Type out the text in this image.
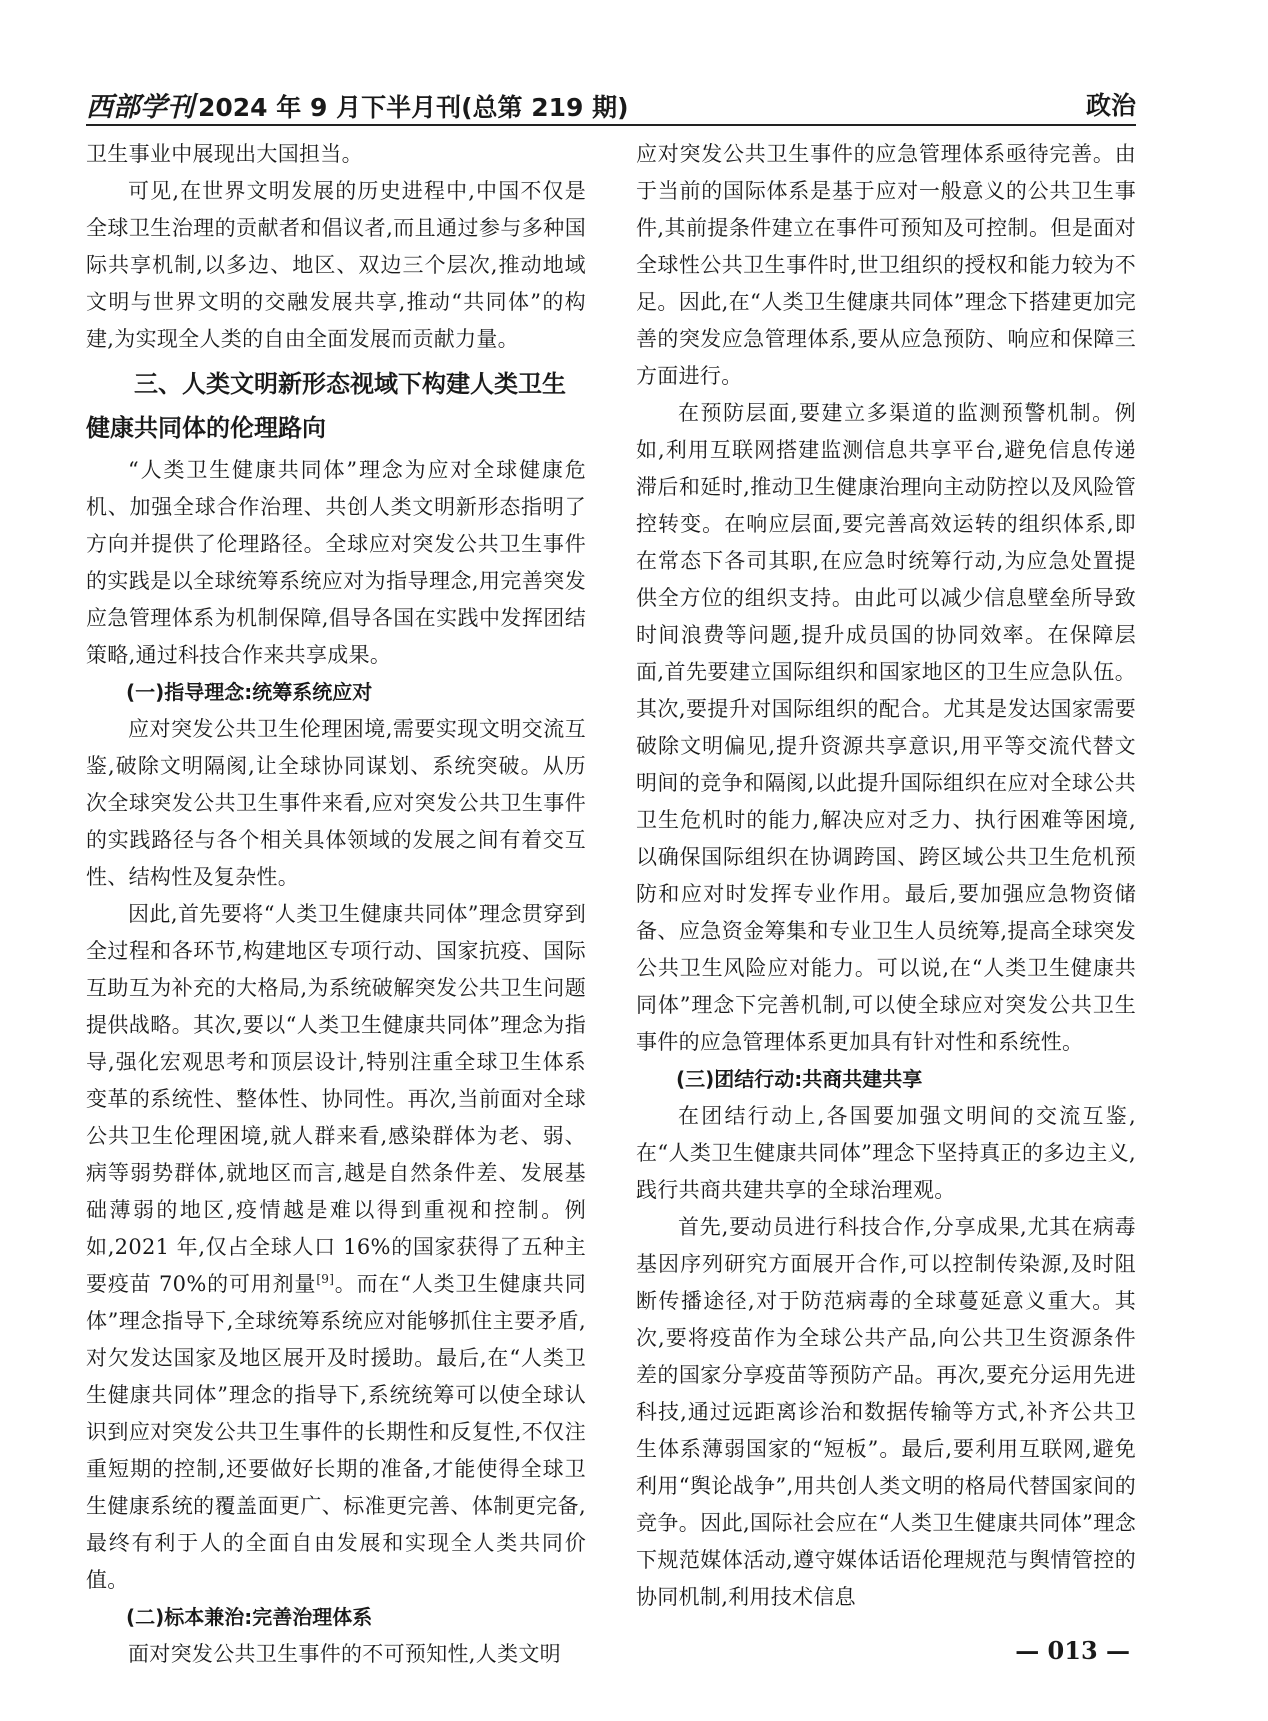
西部学刊 2024 年 9 月下半月刊(总第 219 期)	政治

卫生事业中展现出大国担当。

可见,在世界文明发展的历史进程中,中国不仅是全球卫生治理的贡献者和倡议者,而且通过参与多种国际共享机制,以多边、地区、双边三个层次,推动地域文明与世界文明的交融发展共享,推动“共同体”的构建,为实现全人类的自由全面发展而贡献力量。

三、人类文明新形态视域下构建人类卫生健康共同体的伦理路向

“人类卫生健康共同体”理念为应对全球健康危机、加强全球合作治理、共创人类文明新形态指明了方向并提供了伦理路径。全球应对突发公共卫生事件的实践是以全球统筹系统应对为指导理念,用完善突发应急管理体系为机制保障,倡导各国在实践中发挥团结策略,通过科技合作来共享成果。

(一)指导理念:统筹系统应对

应对突发公共卫生伦理困境,需要实现文明交流互鉴,破除文明隔阂,让全球协同谋划、系统突破。从历次全球突发公共卫生事件来看,应对突发公共卫生事件的实践路径与各个相关具体领域的发展之间有着交互性、结构性及复杂性。

因此,首先要将“人类卫生健康共同体”理念贯穿到全过程和各环节,构建地区专项行动、国家抗疫、国际互助互为补充的大格局,为系统破解突发公共卫生问题提供战略。其次,要以“人类卫生健康共同体”理念为指导,强化宏观思考和顶层设计,特别注重全球卫生体系变革的系统性、整体性、协同性。再次,当前面对全球公共卫生伦理困境,就人群来看,感染群体为老、弱、病等弱势群体,就地区而言,越是自然条件差、发展基础薄弱的地区,疫情越是难以得到重视和控制。例如,2021 年,仅占全球人口 16%的国家获得了五种主要疫苗 70%的可用剂量[9]。而在“人类卫生健康共同体”理念指导下,全球统筹系统应对能够抓住主要矛盾,对欠发达国家及地区展开及时援助。最后,在“人类卫生健康共同体”理念的指导下,系统统筹可以使全球认识到应对突发公共卫生事件的长期性和反复性,不仅注重短期的控制,还要做好长期的准备,才能使得全球卫生健康系统的覆盖面更广、标准更完善、体制更完备,最终有利于人的全面自由发展和实现全人类共同价值。

(二)标本兼治:完善治理体系

面对突发公共卫生事件的不可预知性,人类文明

应对突发公共卫生事件的应急管理体系亟待完善。由于当前的国际体系是基于应对一般意义的公共卫生事件,其前提条件建立在事件可预知及可控制。但是面对全球性公共卫生事件时,世卫组织的授权和能力较为不足。因此,在“人类卫生健康共同体”理念下搭建更加完善的突发应急管理体系,要从应急预防、响应和保障三方面进行。

在预防层面,要建立多渠道的监测预警机制。例如,利用互联网搭建监测信息共享平台,避免信息传递滞后和延时,推动卫生健康治理向主动防控以及风险管控转变。在响应层面,要完善高效运转的组织体系,即在常态下各司其职,在应急时统筹行动,为应急处置提供全方位的组织支持。由此可以减少信息壁垒所导致时间浪费等问题,提升成员国的协同效率。在保障层面,首先要建立国际组织和国家地区的卫生应急队伍。其次,要提升对国际组织的配合。尤其是发达国家需要破除文明偏见,提升资源共享意识,用平等交流代替文明间的竞争和隔阂,以此提升国际组织在应对全球公共卫生危机时的能力,解决应对乏力、执行困难等困境,以确保国际组织在协调跨国、跨区域公共卫生危机预防和应对时发挥专业作用。最后,要加强应急物资储备、应急资金筹集和专业卫生人员统筹,提高全球突发公共卫生风险应对能力。可以说,在“人类卫生健康共同体”理念下完善机制,可以使全球应对突发公共卫生事件的应急管理体系更加具有针对性和系统性。

(三)团结行动:共商共建共享

在团结行动上,各国要加强文明间的交流互鉴,在“人类卫生健康共同体”理念下坚持真正的多边主义,践行共商共建共享的全球治理观。

首先,要动员进行科技合作,分享成果,尤其在病毒基因序列研究方面展开合作,可以控制传染源,及时阻断传播途径,对于防范病毒的全球蔓延意义重大。其次,要将疫苗作为全球公共产品,向公共卫生资源条件差的国家分享疫苗等预防产品。再次,要充分运用先进科技,通过远距离诊治和数据传输等方式,补齐公共卫生体系薄弱国家的“短板”。最后,要利用互联网,避免利用“舆论战争”,用共创人类文明的格局代替国家间的竞争。因此,国际社会应在“人类卫生健康共同体”理念下规范媒体活动,遵守媒体话语伦理规范与舆情管控的协同机制,利用技术信息

— 013 —
